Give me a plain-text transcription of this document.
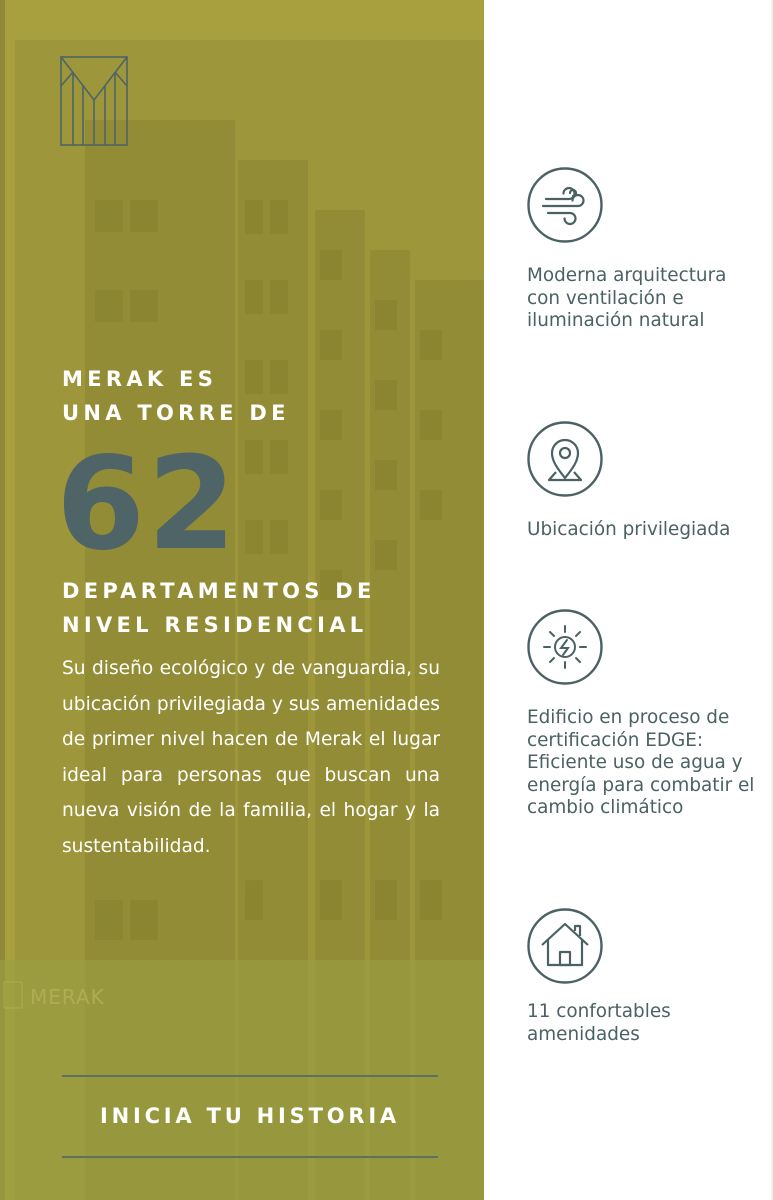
MERAK
MERAK ES
UNA TORRE DE
62
DEPARTAMENTOS DE
NIVEL RESIDENCIAL

Su diseño ecológico y de vanguardia, su ubicación privilegiada y sus amenidades de primer nivel hacen de Merak el lugar ideal para personas que buscan una nueva visión de la familia, el hogar y la sustentabilidad.

INICIA TU HISTORIA

Moderna arquitectura con ventilación e iluminación natural

Ubicación privilegiada

Edificio en proceso de certificación EDGE: Eficiente uso de agua y energía para combatir el cambio climático

11 confortables amenidades
